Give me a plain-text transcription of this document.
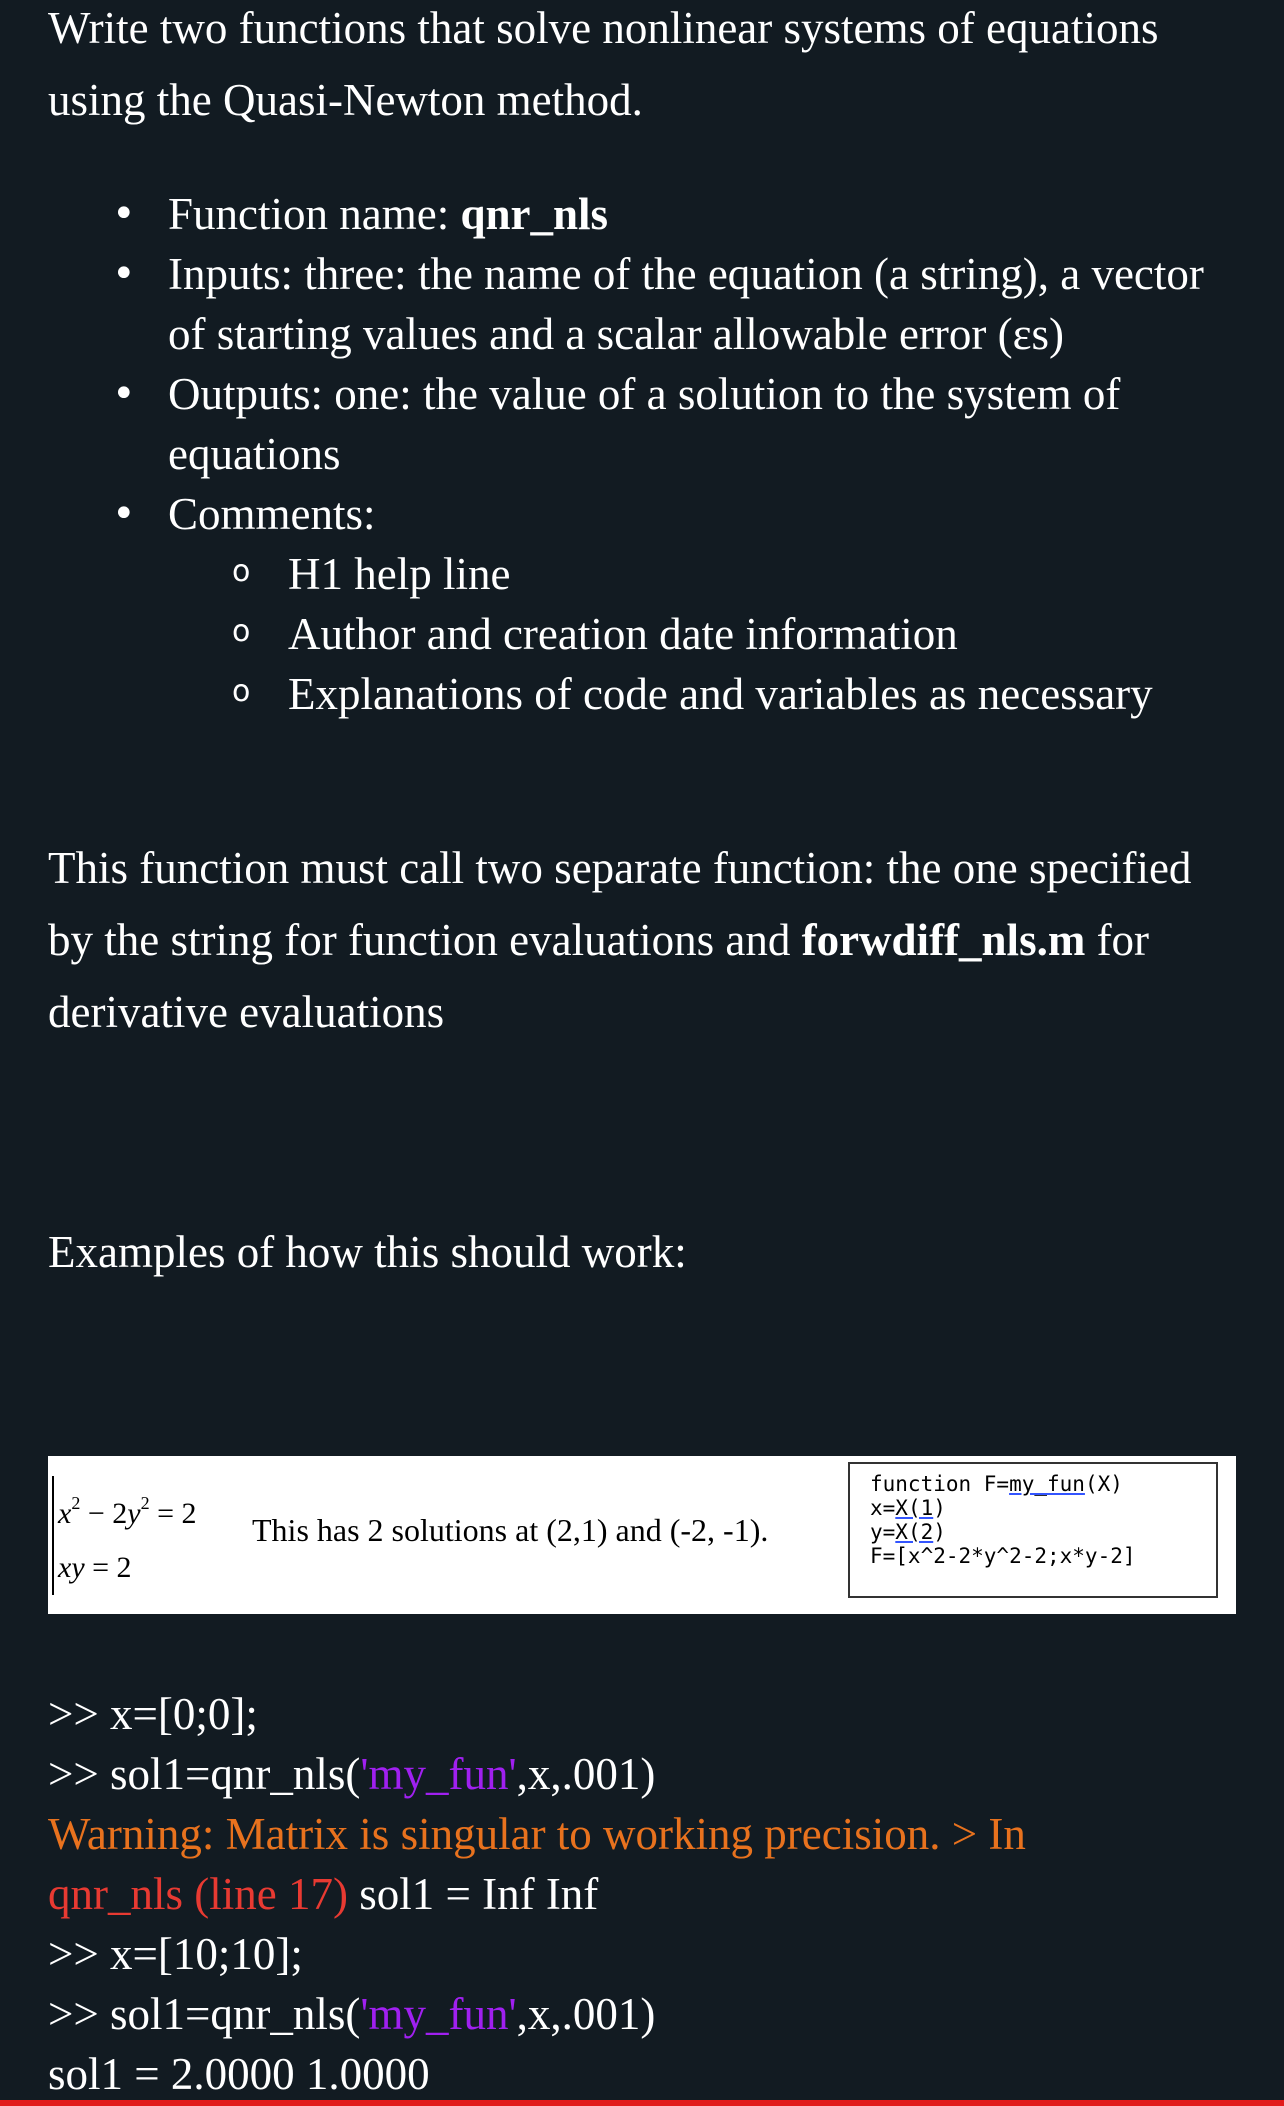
Write two functions that solve nonlinear systems of equations using the Quasi-Newton method.

• Function name: qnr_nls
• Inputs: three: the name of the equation (a string), a vector of starting values and a scalar allowable error (εs)
• Outputs: one: the value of a solution to the system of equations
• Comments:
o H1 help line
o Author and creation date information
o Explanations of code and variables as necessary

This function must call two separate function: the one specified by the string for function evaluations and forwdiff_nls.m for derivative evaluations

Examples of how this should work:

$x^2 - 2y^2 = 2$
xy = 2
This has 2 solutions at (2,1) and (-2, -1).
function F=my_fun(X)
x=X(1)
y=X(2)
F=[x^2-2*y^2-2;x*y-2]
>> x=[0;0];
>> sol1=qnr_nls('my_fun',x,.001)
Warning: Matrix is singular to working precision. > In
qnr_nls (line 17) sol1 = Inf Inf
>> x=[10;10];
>> sol1=qnr_nls('my_fun',x,.001)
sol1 = 2.0000 1.0000
